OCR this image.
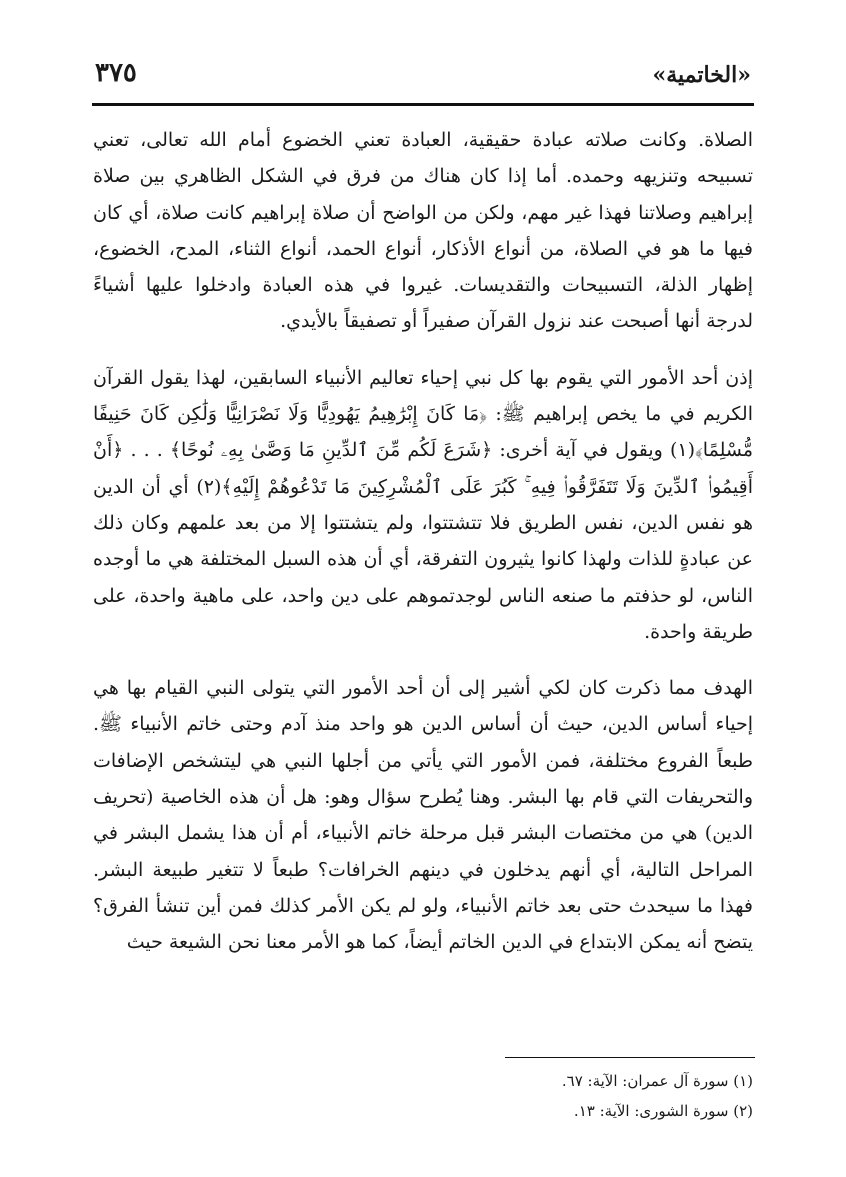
«الخاتمية»
٣٧٥

الصلاة. وكانت صلاته عبادة حقيقية، العبادة تعني الخضوع أمام الله تعالى، تعني تسبيحه وتنزيهه وحمده. أما إذا كان هناك من فرق في الشكل الظاهري بين صلاة إبراهيم وصلاتنا فهذا غير مهم، ولكن من الواضح أن صلاة إبراهيم كانت صلاة، أي كان فيها ما هو في الصلاة، من أنواع الأذكار، أنواع الحمد، أنواع الثناء، المدح، الخضوع، إظهار الذلة، التسبيحات والتقديسات. غيروا في هذه العبادة وادخلوا عليها أشياءً لدرجة أنها أصبحت عند نزول القرآن صفيراً أو تصفيقاً بالأيدي.

إذن أحد الأمور التي يقوم بها كل نبي إحياء تعاليم الأنبياء السابقين، لهذا يقول القرآن الكريم في ما يخص إبراهيم ﷺ: ﴿مَا كَانَ إِبْرَٰهِيمُ يَهُودِيًّا وَلَا نَصْرَانِيًّا وَلَٰكِن كَانَ حَنِيفًا مُّسْلِمًا﴾(١) ويقول في آية أخرى: ﴿شَرَعَ لَكُم مِّنَ ٱلدِّينِ مَا وَصَّىٰ بِهِۦ نُوحًا﴾ . . . ﴿أَنْ أَقِيمُوا۟ ٱلدِّينَ وَلَا تَتَفَرَّقُوا۟ فِيهِ ۚ كَبُرَ عَلَى ٱلْمُشْرِكِينَ مَا تَدْعُوهُمْ إِلَيْهِ﴾(٢) أي أن الدين هو نفس الدين، نفس الطريق فلا تتشتتوا، ولم يتشتتوا إلا من بعد علمهم وكان ذلك عن عبادةٍ للذات ولهذا كانوا يثيرون التفرقة، أي أن هذه السبل المختلفة هي ما أوجده الناس، لو حذفتم ما صنعه الناس لوجدتموهم على دين واحد، على ماهية واحدة، على طريقة واحدة.

الهدف مما ذكرت كان لكي أشير إلى أن أحد الأمور التي يتولى النبي القيام بها هي إحياء أساس الدين، حيث أن أساس الدين هو واحد منذ آدم وحتى خاتم الأنبياء ﷺ. طبعاً الفروع مختلفة، فمن الأمور التي يأتي من أجلها النبي هي ليتشخص الإضافات والتحريفات التي قام بها البشر. وهنا يُطرح سؤال وهو: هل أن هذه الخاصية (تحريف الدين) هي من مختصات البشر قبل مرحلة خاتم الأنبياء، أم أن هذا يشمل البشر في المراحل التالية، أي أنهم يدخلون في دينهم الخرافات؟ طبعاً لا تتغير طبيعة البشر. فهذا ما سيحدث حتى بعد خاتم الأنبياء، ولو لم يكن الأمر كذلك فمن أين تنشأ الفرق؟ يتضح أنه يمكن الابتداع في الدين الخاتم أيضاً، كما هو الأمر معنا نحن الشيعة حيث

(١) سورة آل عمران: الآية: ٦٧.

(٢) سورة الشورى: الآية: ١٣.
